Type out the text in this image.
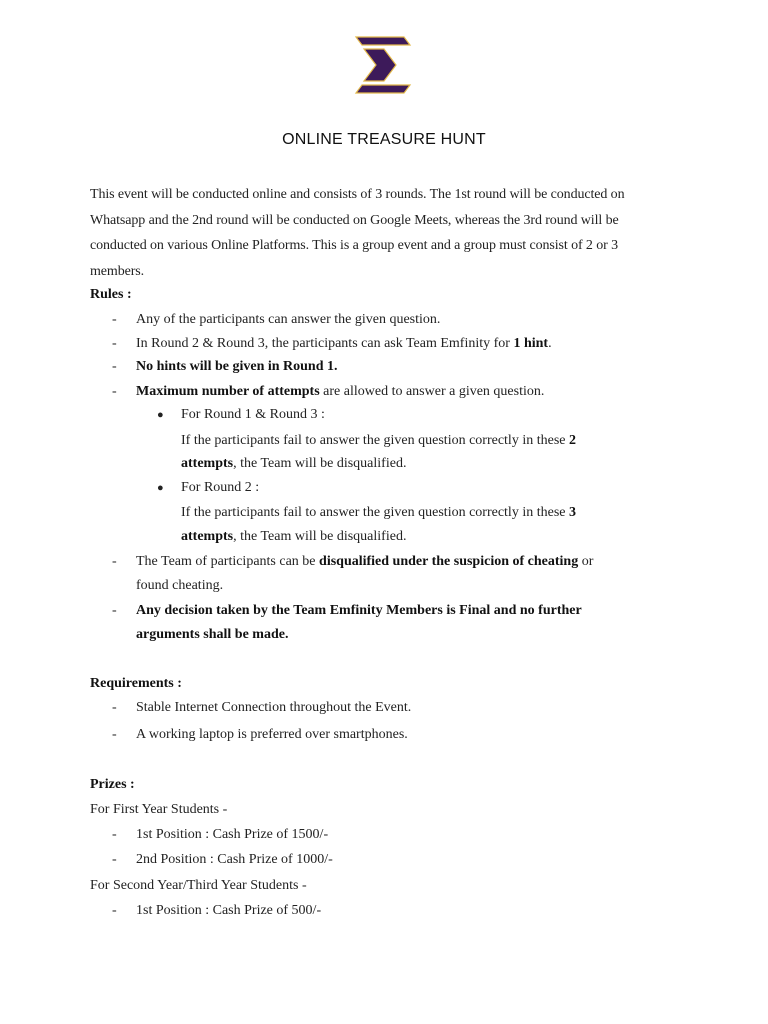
ONLINE TREASURE HUNT
This event will be conducted online and consists of 3 rounds. The 1st round will be conducted on
Whatsapp and the 2nd round will be conducted on Google Meets, whereas the 3rd round will be
conducted on various Online Platforms. This is a group event and a group must consist of 2 or 3
members.
Rules :
- Any of the participants can answer the given question.
- In Round 2 & Round 3, the participants can ask Team Emfinity for 1 hint.
- No hints will be given in Round 1.
- Maximum number of attempts are allowed to answer a given question.
● For Round 1 & Round 3 :
If the participants fail to answer the given question correctly in these 2
attempts, the Team will be disqualified.
● For Round 2 :
If the participants fail to answer the given question correctly in these 3
attempts, the Team will be disqualified.
- The Team of participants can be disqualified under the suspicion of cheating or
found cheating.
- Any decision taken by the Team Emfinity Members is Final and no further
arguments shall be made.
Requirements :
- Stable Internet Connection throughout the Event.
- A working laptop is preferred over smartphones.
Prizes :
For First Year Students -
- 1st Position : Cash Prize of 1500/-
- 2nd Position : Cash Prize of 1000/-
For Second Year/Third Year Students -
- 1st Position : Cash Prize of 500/-
